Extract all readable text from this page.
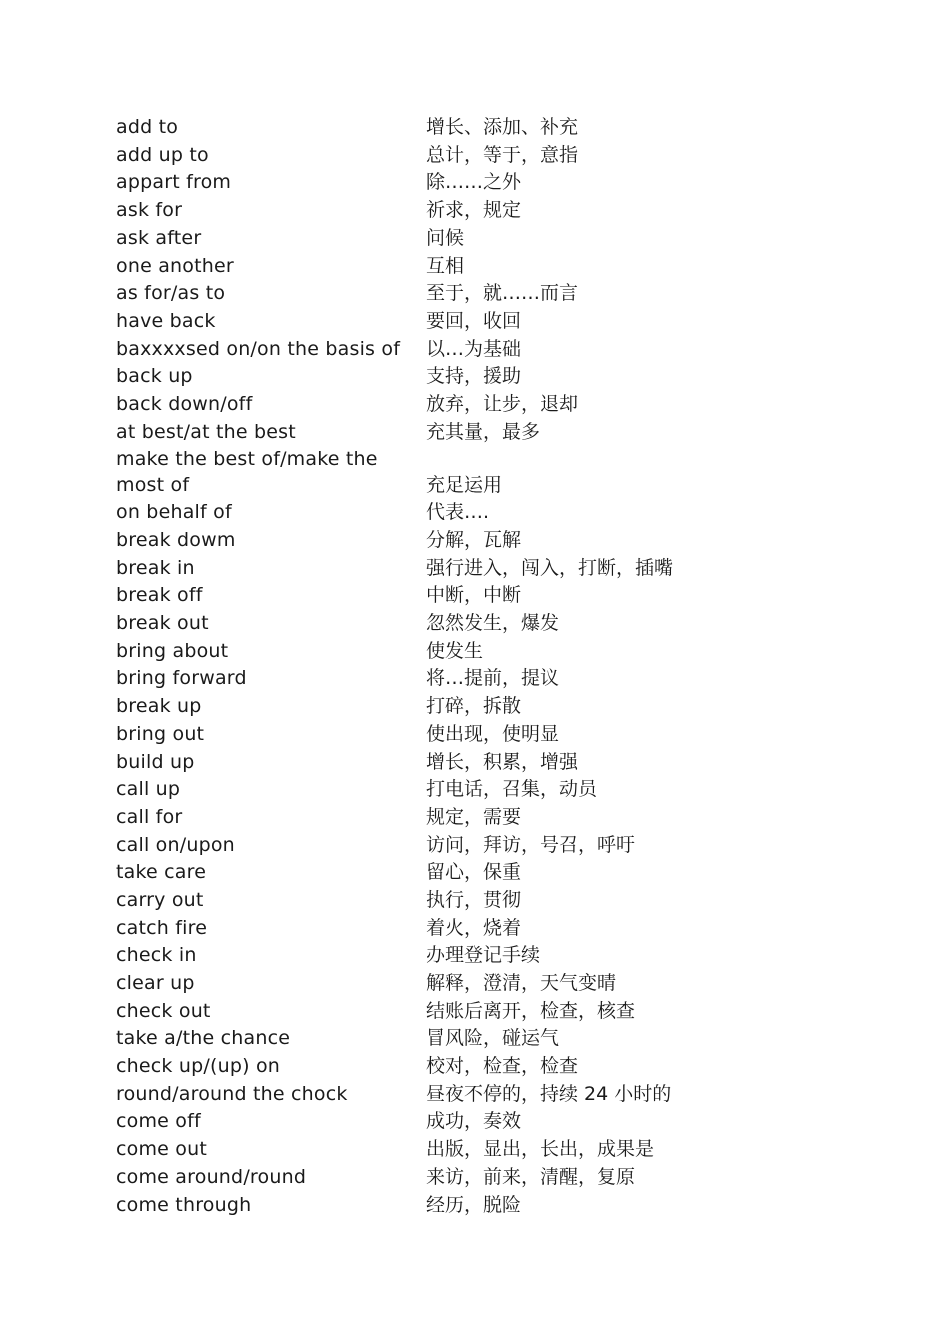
add to	增长、添加、补充
add up to	总计，等于，意指
appart from	除……之外
ask for	祈求，规定
ask after	问候
one another	互相
as for/as to	至于，就……而言
have back	要回，收回
baxxxxsed on/on the basis of	以…为基础
back up	支持，援助
back down/off	放弃，让步，退却
at best/at the best	充其量，最多
make the best of/make the most of	充足运用
on behalf of	代表….
break dowm	分解，瓦解
break in	强行进入，闯入，打断，插嘴
break off	中断，中断
break out	忽然发生，爆发
bring about	使发生
bring forward	将…提前，提议
break up	打碎，拆散
bring out	使出现，使明显
build up	增长，积累，增强
call up	打电话，召集，动员
call for	规定，需要
call on/upon	访问，拜访，号召，呼吁
take care	留心，保重
carry out	执行，贯彻
catch fire	着火，烧着
check in	办理登记手续
clear up	解释，澄清，天气变晴
check out	结账后离开，检查，核查
take a/the chance	冒风险，碰运气
check up/(up) on	校对，检查，检查
round/around the chock	昼夜不停的，持续 24 小时的
come off	成功，奏效
come out	出版，显出，长出，成果是
come around/round	来访，前来，清醒，复原
come through	经历，脱险
